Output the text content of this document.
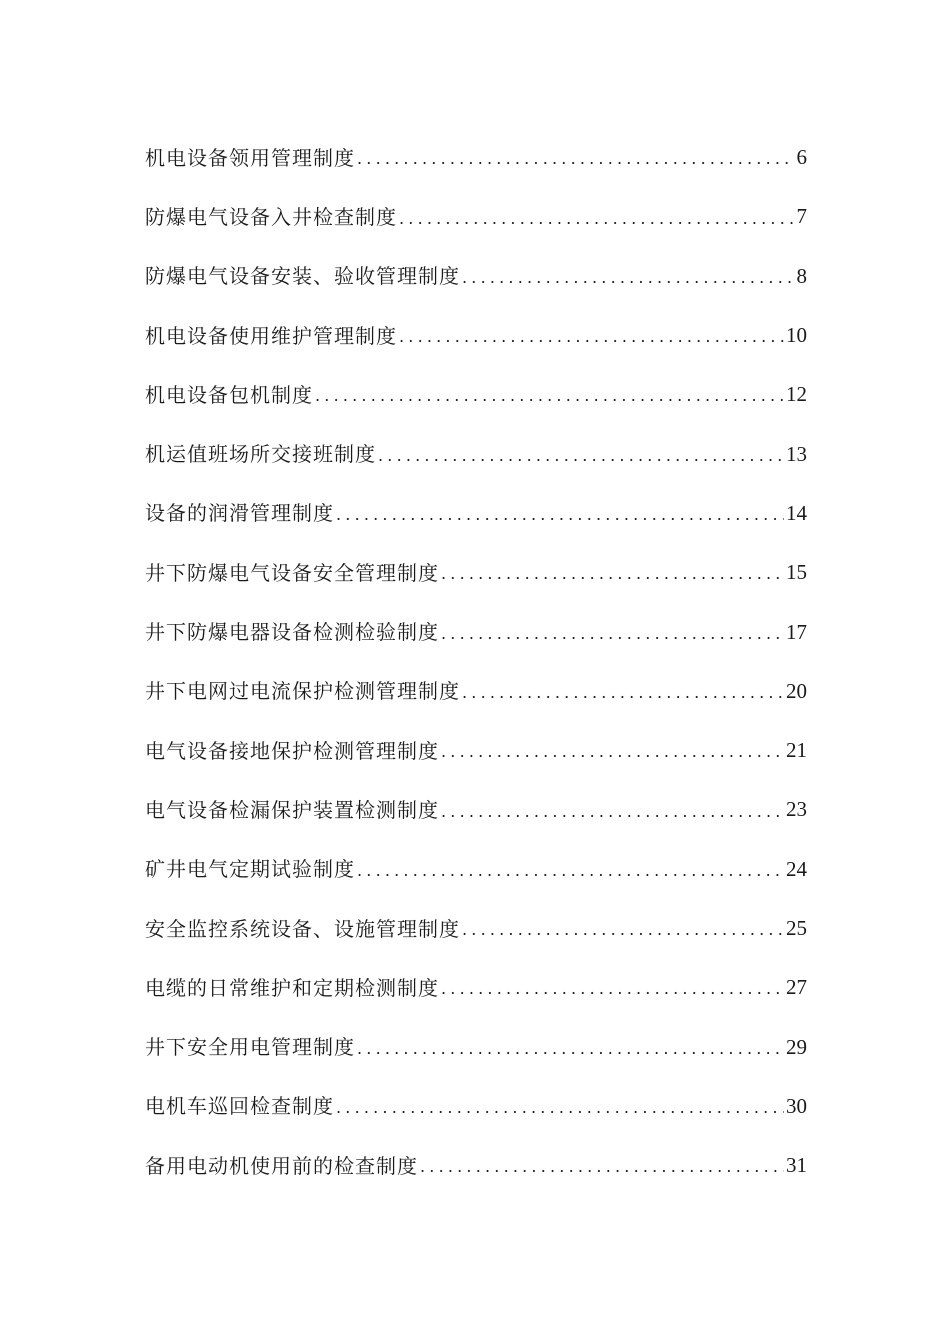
机电设备领用管理制度 .....	6
防爆电气设备入井检查制度 .....	7
防爆电气设备安装、验收管理制度 .....	8
机电设备使用维护管理制度 .....	10
机电设备包机制度 .....	12
机运值班场所交接班制度 .....	13
设备的润滑管理制度 .....	14
井下防爆电气设备安全管理制度 .....	15
井下防爆电器设备检测检验制度 .....	17
井下电网过电流保护检测管理制度 .....	20
电气设备接地保护检测管理制度 .....	21
电气设备检漏保护装置检测制度 .....	23
矿井电气定期试验制度 .....	24
安全监控系统设备、设施管理制度 .....	25
电缆的日常维护和定期检测制度 .....	27
井下安全用电管理制度 .....	29
电机车巡回检查制度 .....	30
备用电动机使用前的检查制度 .....	31
